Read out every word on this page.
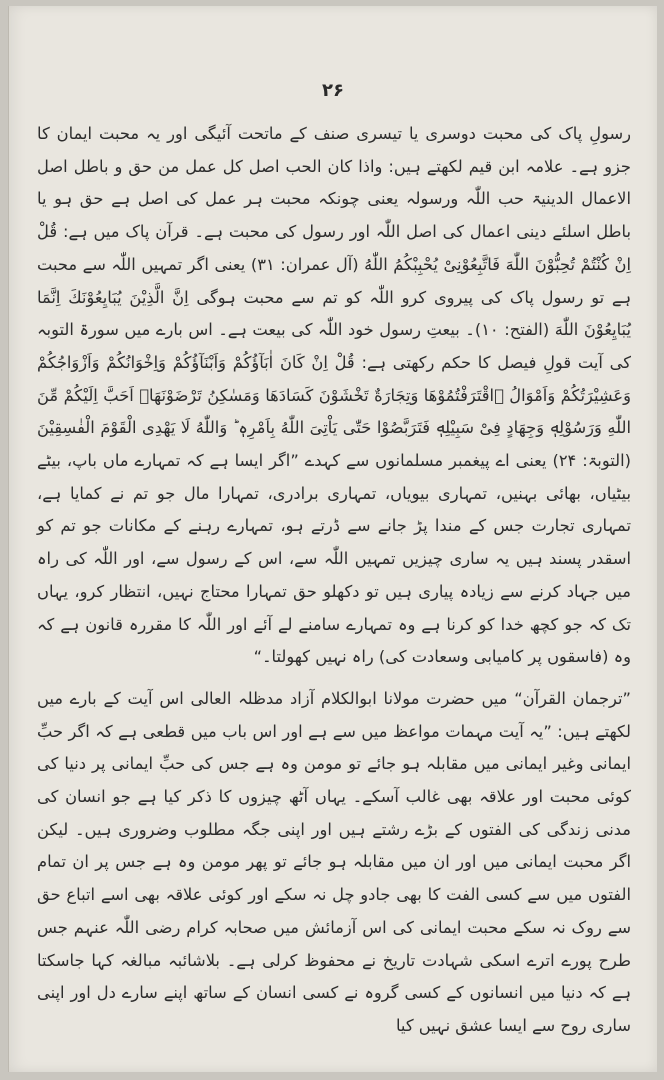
۲۶

رسولِ پاک کی محبت دوسری یا تیسری صنف کے ماتحت آئیگی اور یہ محبت ایمان کا جزو ہے۔ علامہ ابن قیم لکھتے ہیں: واذا کان الحب اصل کل عمل من حق و باطل اصل الاعمال الدینیۃ حب اللّٰہ ورسولہ یعنی چونکہ محبت ہر عمل کی اصل ہے حق ہو یا باطل اسلئے دینی اعمال کی اصل اللّٰہ اور رسول کی محبت ہے۔ قرآن پاک میں ہے: قُلْ اِنْ کُنْتُمْ تُحِبُّوْنَ اللّٰهَ فَاتَّبِعُوْنِیْ یُحْبِبْكُمُ اللّٰهُ (آل عمران: ۳۱) یعنی اگر تمہیں اللّٰہ سے محبت ہے تو رسول پاک کی پیروی کرو اللّٰہ کو تم سے محبت ہوگی اِنَّ الَّذِیْنَ یُبَایِعُوْنَكَ اِنَّمَا یُبَایِعُوْنَ اللّٰهَ (الفتح: ۱۰)۔ بیعتِ رسول خود اللّٰہ کی بیعت ہے۔ اس بارے میں سورۃ التوبہ کی آیت قولِ فیصل کا حکم رکھتی ہے: قُلْ اِنْ كَانَ اٰبَآؤُكُمْ وَاَبْنَآؤُكُمْ وَاِخْوَانُكُمْ وَاَزْوَاجُكُمْ وَعَشِیْرَتُكُمْ وَاَمْوَالُ ﰳاقْتَرَفْتُمُوْهَا وَتِجَارَةٌ تَخْشَوْنَ كَسَادَهَا وَمَسٰكِنُ تَرْضَوْنَهَاۤ اَحَبَّ اِلَیْكُمْ مِّنَ اللّٰهِ وَرَسُوْلِهٖ وَجِهَادٍ فِیْ سَبِیْلِهٖ فَتَرَبَّصُوْا حَتّٰی یَاْتِیَ اللّٰهُ بِاَمْرِهٖ ؕ وَاللّٰهُ لَا یَهْدِی الْقَوْمَ الْفٰسِقِیْنَ (التوبۃ: ۲۴) یعنی اے پیغمبر مسلمانوں سے کہدے ”اگر ایسا ہے کہ تمہارے ماں باپ، بیٹے بیٹیاں، بھائی بہنیں، تمہاری بیویاں، تمہاری برادری، تمہارا مال جو تم نے کمایا ہے، تمہاری تجارت جس کے مندا پڑ جانے سے ڈرتے ہو، تمہارے رہنے کے مکانات جو تم کو اسقدر پسند ہیں یہ ساری چیزیں تمہیں اللّٰہ سے، اس کے رسول سے، اور اللّٰہ کی راہ میں جہاد کرنے سے زیادہ پیاری ہیں تو دکھلو حق تمہارا محتاج نہیں، انتظار کرو، یہاں تک کہ جو کچھ خدا کو کرنا ہے وہ تمہارے سامنے لے آئے اور اللّٰہ کا مقررہ قانون ہے کہ وہ (فاسقوں پر کامیابی وسعادت کی) راہ نہیں کھولتا۔“

”ترجمان القرآن“ میں حضرت مولانا ابوالکلام آزاد مدظلہ العالی اس آیت کے بارے میں لکھتے ہیں: ”یہ آیت مہمات مواعظ میں سے ہے اور اس باب میں قطعی ہے کہ اگر حبِّ ایمانی وغیر ایمانی میں مقابلہ ہو جائے تو مومن وہ ہے جس کی حبِّ ایمانی پر دنیا کی کوئی محبت اور علاقہ بھی غالب آسکے۔ یہاں آٹھ چیزوں کا ذکر کیا ہے جو انسان کی مدنی زندگی کی الفتوں کے بڑے رشتے ہیں اور اپنی جگہ مطلوب وضروری ہیں۔ لیکن اگر محبت ایمانی میں اور ان میں مقابلہ ہو جائے تو پھر مومن وہ ہے جس پر ان تمام الفتوں میں سے کسی الفت کا بھی جادو چل نہ سکے اور کوئی علاقہ بھی اسے اتباع حق سے روک نہ سکے محبت ایمانی کی اس آزمائش میں صحابہ کرام رضی اللّٰہ عنہم جس طرح پورے اترے اسکی شہادت تاریخ نے محفوظ کرلی ہے۔ بلاشائبہ مبالغہ کہا جاسکتا ہے کہ دنیا میں انسانوں کے کسی گروہ نے کسی انسان کے ساتھ اپنے سارے دل اور اپنی ساری روح سے ایسا عشق نہیں کیا
